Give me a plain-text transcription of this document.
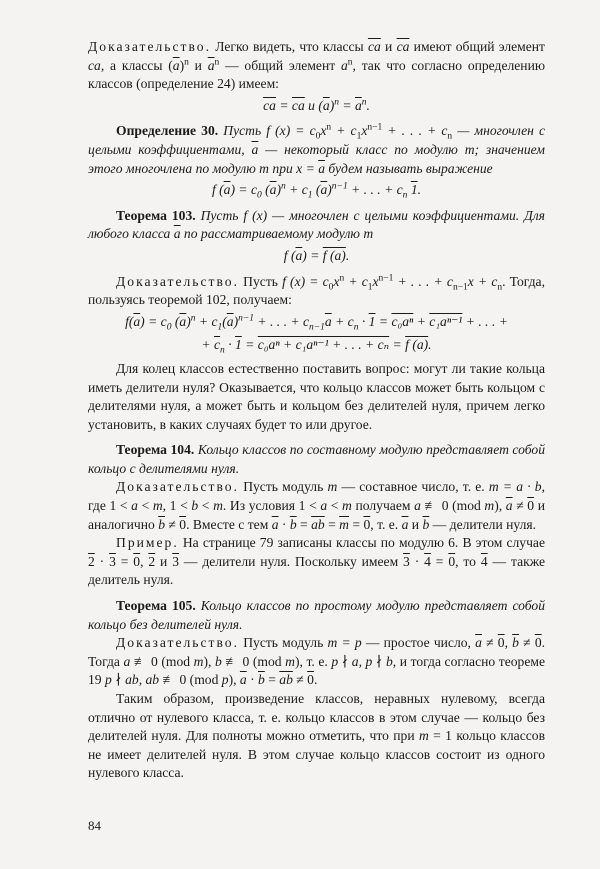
Доказательство. Легко видеть, что классы $\overline{ca}$ и $\overline{ca}$ имеют общий элемент ca, а классы $(\overline{a})^n$ и $\overline{a}^n$ — общий элемент $a^n$, так что согласно определению классов (определение 24) имеем:
$\overline{ca} = \overline{ca}$ и $(\overline{a})^n = \overline{a}^n$.
Определение 30. Пусть f $(x) = c_0x^n + c_1x^{n-1}$ + . . . + $c_n$ — многочлен с целыми коэффициентами, $\overline{a}$ — некоторый класс по модулю m; значением этого многочлена по модулю m при $x = \overline{a}$ будем называть выражение
f $(\overline{a}) = c_0$ $(\overline{a})^n + c_1$ $(\overline{a})^{n-1}$ + . . . + $c_n$ 1.
Теорема 103. Пусть f (x) — многочлен с целыми коэффициентами. Для любого класса $\overline{a}$ по рассматриваемому модулю m
f $(\overline{a}) = f$ (a).
Доказательство. Пусть f $(x) = c_0x^n + c_1x^{n-1}$ + . . . + $c_{n-1}x + c_n$. Тогда, пользуясь теоремой 102, получаем:
$f(\overline{a}) = c_0$ $(\overline{a})^n + c_1(\overline{a})^{n-1}$ + . . . + $c_{n-1}\overline{a} + c_n \cdot 1 = c_0a^n + c_1a^{n-1}$ + . . . +
+ $\overline{c}_n \cdot 1 = c_0a^n + c_1a^{n-1}$ + . . . + cₙ = f (a).
Для колец классов естественно поставить вопрос: могут ли такие кольца иметь делители нуля? Оказывается, что кольцо классов может быть кольцом с делителями нуля, а может быть и кольцом без делителей нуля, причем легко установить, в каких случаях будет то или другое.
Теорема 104. Кольцо классов по составному модулю представляет собой кольцо с делителями нуля.
Доказательство. Пусть модуль m — составное число, т. е. m = a · b, где 1 < a < m, 1 < b < m. Из условия 1 < a < m получаем a ≢ 0 (mod m), $\overline{a} \ne 0$ и аналогично $\overline{b} \ne 0$. Вместе с тем $\overline{a} \cdot \overline{b} = \overline{ab} = \overline{m} = 0$, т. е. $\overline{a}$ и $\overline{b}$ — делители нуля.
Пример. На странице 79 записаны классы по модулю 6. В этом случае 2 · 3 = 0, 2 и 3 — делители нуля. Поскольку имеем 3 · 4 = 0, то 4 — также делитель нуля.
Теорема 105. Кольцо классов по простому модулю представляет собой кольцо без делителей нуля.
Доказательство. Пусть модуль m = p — простое число, $\overline{a} \ne 0$, $\overline{b} \ne 0$. Тогда a ≢ 0 (mod m), b ≢ 0 (mod m), т. е. p ∤ a, p ∤ b, и тогда согласно теореме 19 p ∤ ab, ab ≢ 0 (mod p), $\overline{a} \cdot \overline{b} = \overline{ab} \ne 0$.
Таким образом, произведение классов, неравных нулевому, всегда отлично от нулевого класса, т. е. кольцо классов в этом случае — кольцо без делителей нуля. Для полноты можно отметить, что при m = 1 кольцо классов не имеет делителей нуля. В этом случае кольцо классов состоит из одного нулевого класса.
84
